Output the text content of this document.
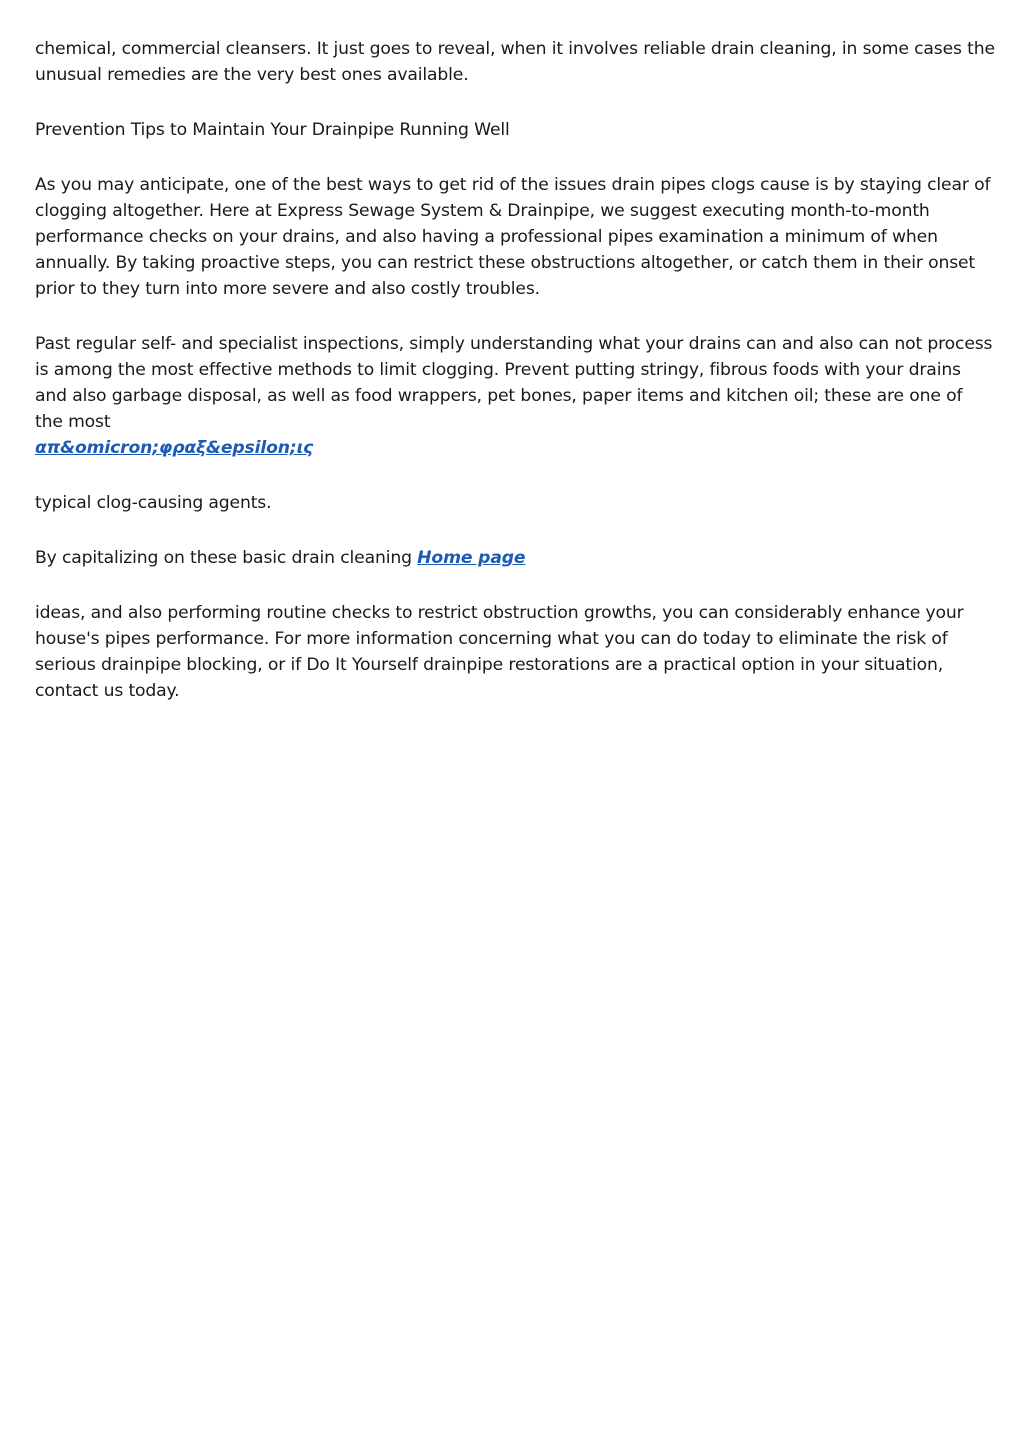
chemical, commercial cleansers. It just goes to reveal, when it involves reliable drain cleaning, in some cases the unusual remedies are the very best ones available.

Prevention Tips to Maintain Your Drainpipe Running Well

As you may anticipate, one of the best ways to get rid of the issues drain pipes clogs cause is by staying clear of clogging altogether. Here at Express Sewage System & Drainpipe, we suggest executing month-to-month performance checks on your drains, and also having a professional pipes examination a minimum of when annually. By taking proactive steps, you can restrict these obstructions altogether, or catch them in their onset prior to they turn into more severe and also costly troubles.

Past regular self- and specialist inspections, simply understanding what your drains can and also can not process is among the most effective methods to limit clogging. Prevent putting stringy, fibrous foods with your drains and also garbage disposal, as well as food wrappers, pet bones, paper items and kitchen oil; these are one of the most
απ&omicron;φραξ&epsilon;ις

typical clog-causing agents.

By capitalizing on these basic drain cleaning Home page

ideas, and also performing routine checks to restrict obstruction growths, you can considerably enhance your house's pipes performance. For more information concerning what you can do today to eliminate the risk of serious drainpipe blocking, or if Do It Yourself drainpipe restorations are a practical option in your situation, contact us today.
